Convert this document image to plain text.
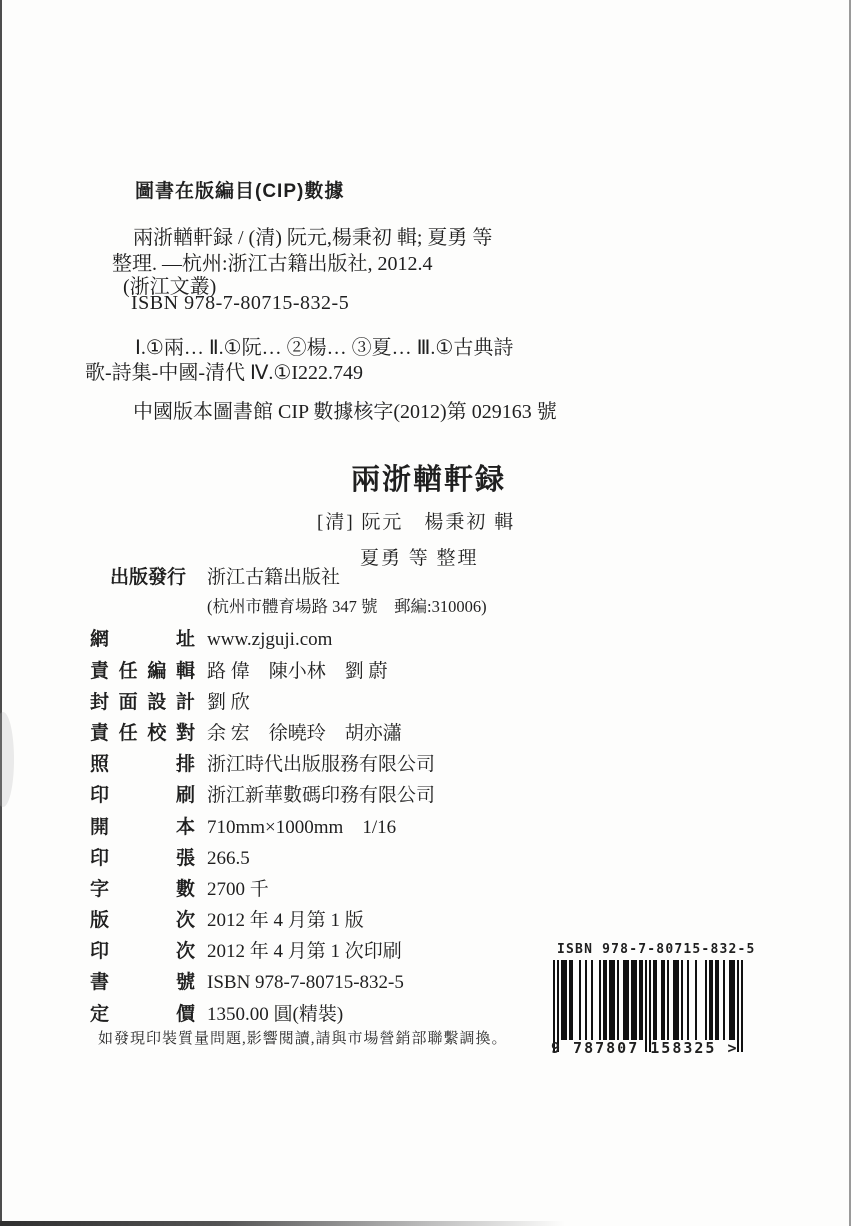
圖書在版編目(CIP)數據
兩浙輶軒録 / (清) 阮元,楊秉初 輯; 夏勇 等
整理. —杭州:浙江古籍出版社, 2012.4
(浙江文叢)
ISBN 978-7-80715-832-5
Ⅰ.①兩… Ⅱ.①阮… ②楊… ③夏… Ⅲ.①古典詩
歌-詩集-中國-清代 Ⅳ.①I222.749
中國版本圖書館 CIP 數據核字(2012)第 029163 號
兩浙輶軒録
[清] 阮元　楊秉初 輯
夏勇 等 整理
出版發行	浙江古籍出版社
(杭州市體育場路 347 號　郵編:310006)
網址 www.zjguji.com
責任編輯 路 偉　陳小林　劉 蔚
封面設計 劉 欣
責任校對 余 宏　徐曉玲　胡亦瀟
照排 浙江時代出版服務有限公司
印刷 浙江新華數碼印務有限公司
開本 710mm×1000mm　1/16
印張 266.5
字數 2700 千
版次 2012 年 4 月第 1 版
印次 2012 年 4 月第 1 次印刷
書號 ISBN 978-7-80715-832-5
定價 1350.00 圓(精裝)
如發現印裝質量問題,影響閱讀,請與市場營銷部聯繫調換。
ISBN 978-7-80715-832-5
9 787807 158325 >
